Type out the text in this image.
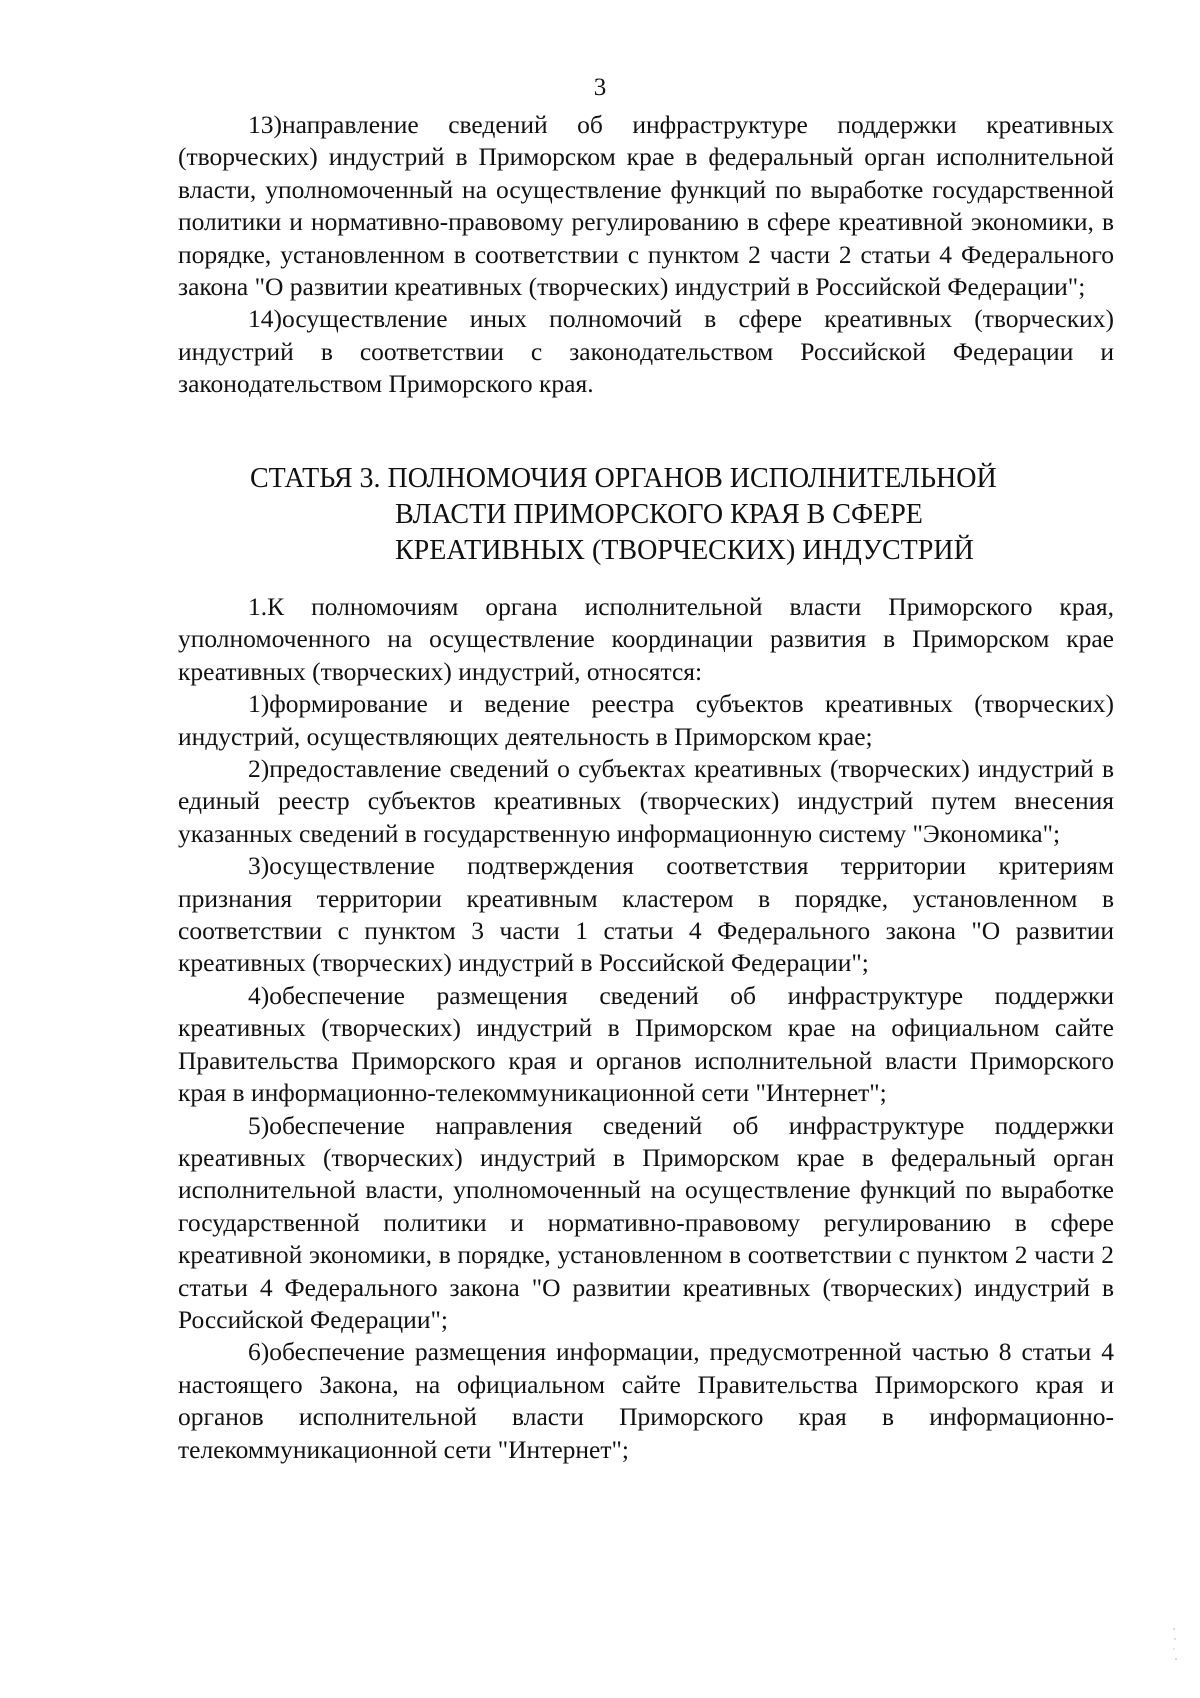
3

13)направление сведений об инфраструктуре поддержки креативных (творческих) индустрий в Приморском крае в федеральный орган исполнительной власти, уполномоченный на осуществление функций по выработке государственной политики и нормативно-правовому регулированию в сфере креативной экономики, в порядке, установленном в соответствии с пунктом 2 части 2 статьи 4 Федерального закона "О развитии креативных (творческих) индустрий в Российской Федерации";

14)осуществление иных полномочий в сфере креативных (творческих) индустрий в соответствии с законодательством Российской Федерации и законодательством Приморского края.

СТАТЬЯ 3. ПОЛНОМОЧИЯ ОРГАНОВ ИСПОЛНИТЕЛЬНОЙ
ВЛАСТИ ПРИМОРСКОГО КРАЯ В СФЕРЕ
КРЕАТИВНЫХ (ТВОРЧЕСКИХ) ИНДУСТРИЙ

1.К полномочиям органа исполнительной власти Приморского края, уполномоченного на осуществление координации развития в Приморском крае креативных (творческих) индустрий, относятся:

1)формирование и ведение реестра субъектов креативных (творческих) индустрий, осуществляющих деятельность в Приморском крае;

2)предоставление сведений о субъектах креативных (творческих) индустрий в единый реестр субъектов креативных (творческих) индустрий путем внесения указанных сведений в государственную информационную систему "Экономика";

3)осуществление подтверждения соответствия территории критериям признания территории креативным кластером в порядке, установленном в соответствии с пунктом 3 части 1 статьи 4 Федерального закона "О развитии креативных (творческих) индустрий в Российской Федерации";

4)обеспечение размещения сведений об инфраструктуре поддержки креативных (творческих) индустрий в Приморском крае на официальном сайте Правительства Приморского края и органов исполнительной власти Приморского края в информационно-телекоммуникационной сети "Интернет";

5)обеспечение направления сведений об инфраструктуре поддержки креативных (творческих) индустрий в Приморском крае в федеральный орган исполнительной власти, уполномоченный на осуществление функций по выработке государственной политики и нормативно-правовому регулированию в сфере креативной экономики, в порядке, установленном в соответствии с пунктом 2 части 2 статьи 4 Федерального закона "О развитии креативных (творческих) индустрий в Российской Федерации";

6)обеспечение размещения информации, предусмотренной частью 8 статьи 4 настоящего Закона, на официальном сайте Правительства Приморского края и органов исполнительной власти Приморского края в информационно-телекоммуникационной сети "Интернет";
